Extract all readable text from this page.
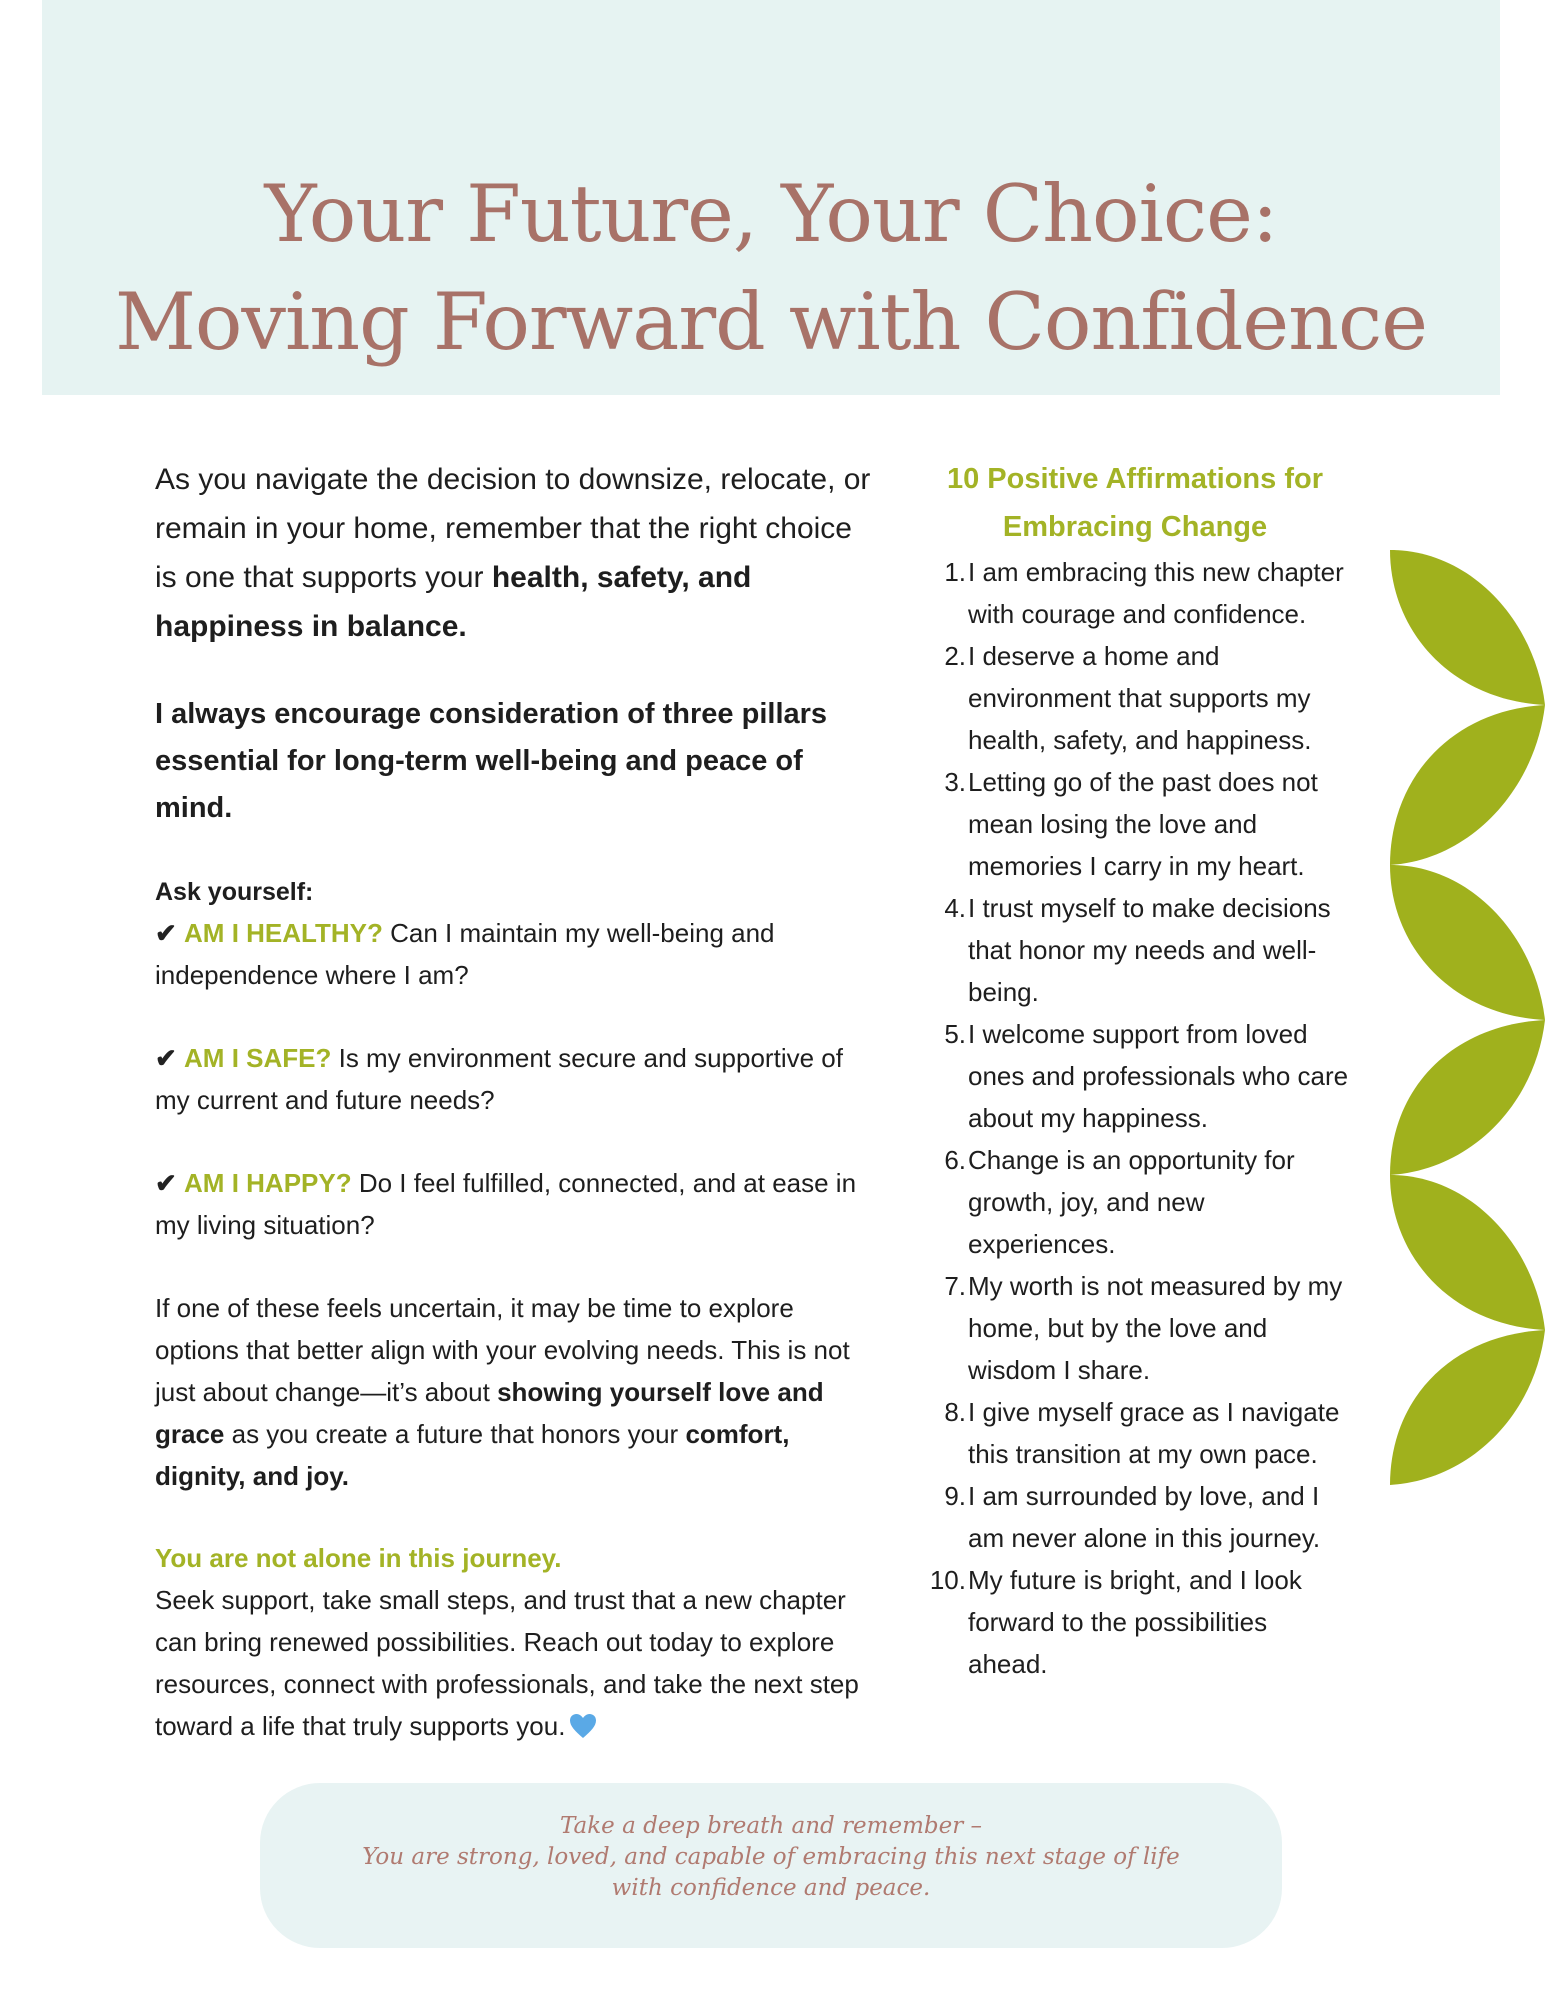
Your Future, Your Choice:
Moving Forward with Confidence

As you navigate the decision to downsize, relocate, or remain in your home, remember that the right choice is one that supports your health, safety, and happiness in balance.

I always encourage consideration of three pillars essential for long-term well-being and peace of mind.

Ask yourself:

✔ AM I HEALTHY? Can I maintain my well-being and independence where I am?

✔ AM I SAFE? Is my environment secure and supportive of my current and future needs?

✔ AM I HAPPY? Do I feel fulfilled, connected, and at ease in my living situation?

If one of these feels uncertain, it may be time to explore options that better align with your evolving needs. This is not just about change—it’s about showing yourself love and grace as you create a future that honors your comfort, dignity, and joy.

You are not alone in this journey.

Seek support, take small steps, and trust that a new chapter can bring renewed possibilities. Reach out today to explore resources, connect with professionals, and take the next step toward a life that truly supports you.

10 Positive Affirmations for
Embracing Change
1. I am embracing this new chapter with courage and confidence.
2. I deserve a home and environment that supports my health, safety, and happiness.
3. Letting go of the past does not mean losing the love and memories I carry in my heart.
4. I trust myself to make decisions that honor my needs and well-being.
5. I welcome support from loved ones and professionals who care about my happiness.
6. Change is an opportunity for growth, joy, and new experiences.
7. My worth is not measured by my home, but by the love and wisdom I share.
8. I give myself grace as I navigate this transition at my own pace.
9. I am surrounded by love, and I am never alone in this journey.
10. My future is bright, and I look forward to the possibilities ahead.
Take a deep breath and remember –
You are strong, loved, and capable of embracing this next stage of life
with confidence and peace.
